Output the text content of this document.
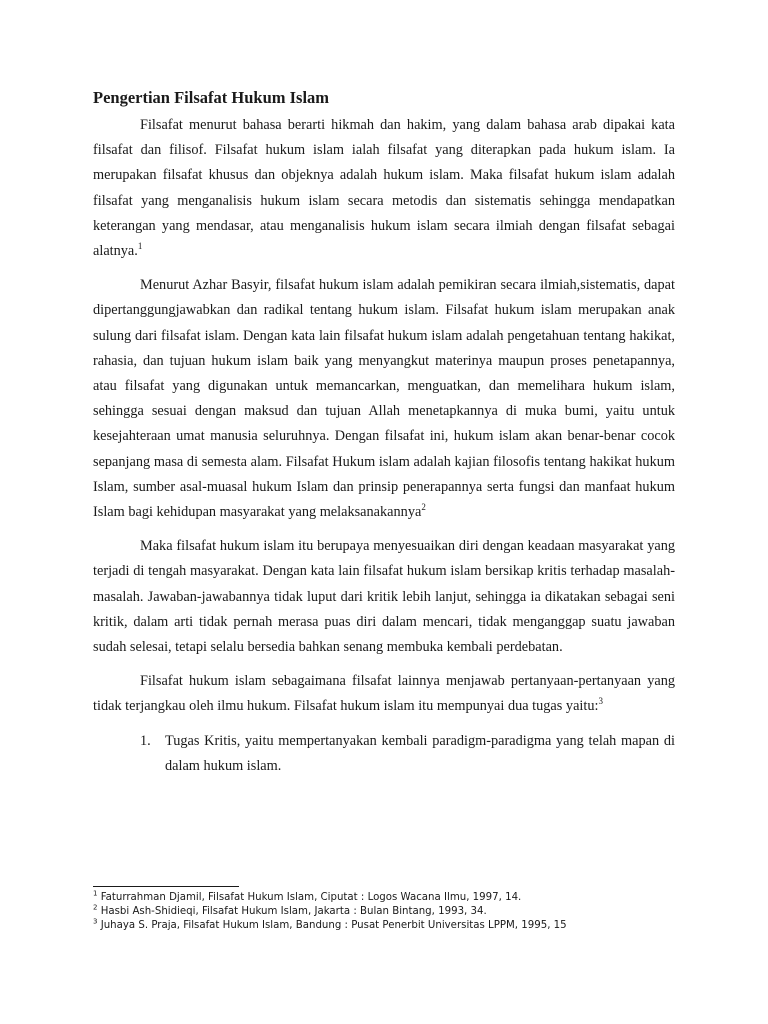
Pengertian Filsafat Hukum Islam

Filsafat menurut bahasa berarti hikmah dan hakim, yang dalam bahasa arab dipakai kata filsafat dan filisof. Filsafat hukum islam ialah filsafat yang diterapkan pada hukum islam. Ia merupakan filsafat khusus dan objeknya adalah hukum islam. Maka filsafat hukum islam adalah filsafat yang menganalisis hukum islam secara metodis dan sistematis sehingga mendapatkan keterangan yang mendasar, atau menganalisis hukum islam secara ilmiah dengan filsafat sebagai alatnya.$^1$

Menurut Azhar Basyir, filsafat hukum islam adalah pemikiran secara ilmiah,sistematis, dapat dipertanggungjawabkan dan radikal tentang hukum islam. Filsafat hukum islam merupakan anak sulung dari filsafat islam. Dengan kata lain filsafat hukum islam adalah pengetahuan tentang hakikat, rahasia, dan tujuan hukum islam baik yang menyangkut materinya maupun proses penetapannya, atau filsafat yang digunakan untuk memancarkan, menguatkan, dan memelihara hukum islam, sehingga sesuai dengan maksud dan tujuan Allah menetapkannya di muka bumi, yaitu untuk kesejahteraan umat manusia seluruhnya. Dengan filsafat ini, hukum islam akan benar-benar cocok sepanjang masa di semesta alam. Filsafat Hukum islam adalah kajian filosofis tentang hakikat hukum Islam, sumber asal-muasal hukum Islam dan prinsip penerapannya serta fungsi dan manfaat hukum Islam bagi kehidupan masyarakat yang melaksanakannya$^2$

Maka filsafat hukum islam itu berupaya menyesuaikan diri dengan keadaan masyarakat yang terjadi di tengah masyarakat. Dengan kata lain filsafat hukum islam bersikap kritis terhadap masalah-masalah. Jawaban-jawabannya tidak luput dari kritik lebih lanjut, sehingga ia dikatakan sebagai seni kritik, dalam arti tidak pernah merasa puas diri dalam mencari, tidak menganggap suatu jawaban sudah selesai, tetapi selalu bersedia bahkan senang membuka kembali perdebatan.

Filsafat hukum islam sebagaimana filsafat lainnya menjawab pertanyaan-pertanyaan yang tidak terjangkau oleh ilmu hukum. Filsafat hukum islam itu mempunyai dua tugas yaitu:$^3$

1. Tugas Kritis, yaitu mempertanyakan kembali paradigm-paradigma yang telah mapan di dalam hukum islam.
$^1$ Faturrahman Djamil, Filsafat Hukum Islam, Ciputat : Logos Wacana Ilmu, 1997, 14.
$^2$ Hasbi Ash-Shidieqi, Filsafat Hukum Islam, Jakarta : Bulan Bintang, 1993, 34.
$^3$ Juhaya S. Praja, Filsafat Hukum Islam, Bandung : Pusat Penerbit Universitas LPPM, 1995, 15
